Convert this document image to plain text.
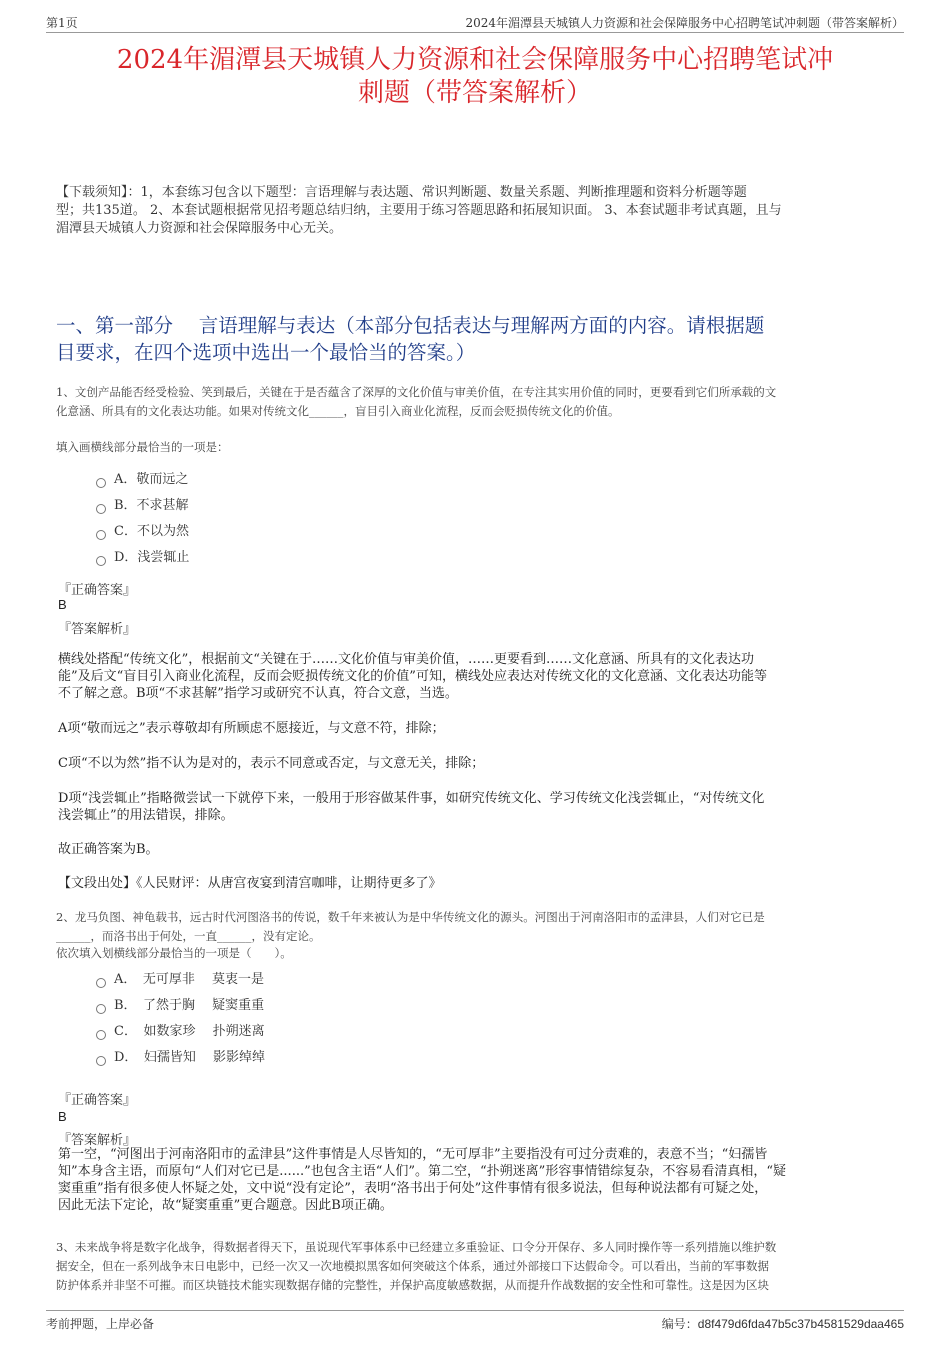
第1页	2024年湄潭县天城镇人力资源和社会保障服务中心招聘笔试冲刺题（带答案解析）
2024年湄潭县天城镇人力资源和社会保障服务中心招聘笔试冲
刺题（带答案解析）
【下载须知】：1，本套练习包含以下题型：言语理解与表达题、常识判断题、数量关系题、判断推理题和资料分析题等题
型；共135道。 2、本套试题根据常见招考题总结归纳，主要用于练习答题思路和拓展知识面。 3、本套试题非考试真题，且与
湄潭县天城镇人力资源和社会保障服务中心无关。
一、第一部分　 言语理解与表达（本部分包括表达与理解两方面的内容。请根据题
目要求，在四个选项中选出一个最恰当的答案。）
1、文创产品能否经受检验、笑到最后，关键在于是否蕴含了深厚的文化价值与审美价值，在专注其实用价值的同时，更要看到它们所承载的文
化意涵、所具有的文化表达功能。如果对传统文化______，盲目引入商业化流程，反而会贬损传统文化的价值。
填入画横线部分最恰当的一项是：
A．敬而远之
B．不求甚解
C．不以为然
D．浅尝辄止
『正确答案』
B
『答案解析』
横线处搭配“传统文化”，根据前文“关键在于……文化价值与审美价值，……更要看到……文化意涵、所具有的文化表达功
能”及后文“盲目引入商业化流程，反而会贬损传统文化的价值”可知，横线处应表达对传统文化的文化意涵、文化表达功能等
不了解之意。B项“不求甚解”指学习或研究不认真，符合文意，当选。
A项“敬而远之”表示尊敬却有所顾虑不愿接近，与文意不符，排除；
C项“不以为然”指不认为是对的，表示不同意或否定，与文意无关，排除；
D项“浅尝辄止”指略微尝试一下就停下来，一般用于形容做某件事，如研究传统文化、学习传统文化浅尝辄止，“对传统文化
浅尝辄止”的用法错误，排除。
故正确答案为B。
【文段出处】《人民财评：从唐宫夜宴到清宫咖啡，让期待更多了》
2、龙马负图、神龟载书，远古时代河图洛书的传说，数千年来被认为是中华传统文化的源头。河图出于河南洛阳市的孟津县，人们对它已是
______，而洛书出于何处，一直______，没有定论。
依次填入划横线部分最恰当的一项是（　　）。
A．　无可厚非　 莫衷一是
B．　了然于胸　 疑窦重重
C．　如数家珍　 扑朔迷离
D．　妇孺皆知　 影影绰绰
『正确答案』
B
『答案解析』
第一空，“河图出于河南洛阳市的孟津县”这件事情是人尽皆知的，“无可厚非”主要指没有可过分责难的，表意不当；“妇孺皆
知”本身含主语，而原句“人们对它已是......”也包含主语“人们”。第二空，“扑朔迷离”形容事情错综复杂，不容易看清真相，“疑
窦重重”指有很多使人怀疑之处，文中说“没有定论”，表明“洛书出于何处”这件事情有很多说法，但每种说法都有可疑之处，
因此无法下定论，故“疑窦重重”更合题意。因此B项正确。
3、未来战争将是数字化战争，得数据者得天下，虽说现代军事体系中已经建立多重验证、口令分开保存、多人同时操作等一系列措施以维护数
据安全，但在一系列战争末日电影中，已经一次又一次地模拟黑客如何突破这个体系，通过外部接口下达假命令。可以看出，当前的军事数据
防护体系并非坚不可摧。而区块链技术能实现数据存储的完整性，并保护高度敏感数据，从而提升作战数据的安全性和可靠性。这是因为区块
考前押题，上岸必备	编号：d8f479d6fda47b5c37b4581529daa465
